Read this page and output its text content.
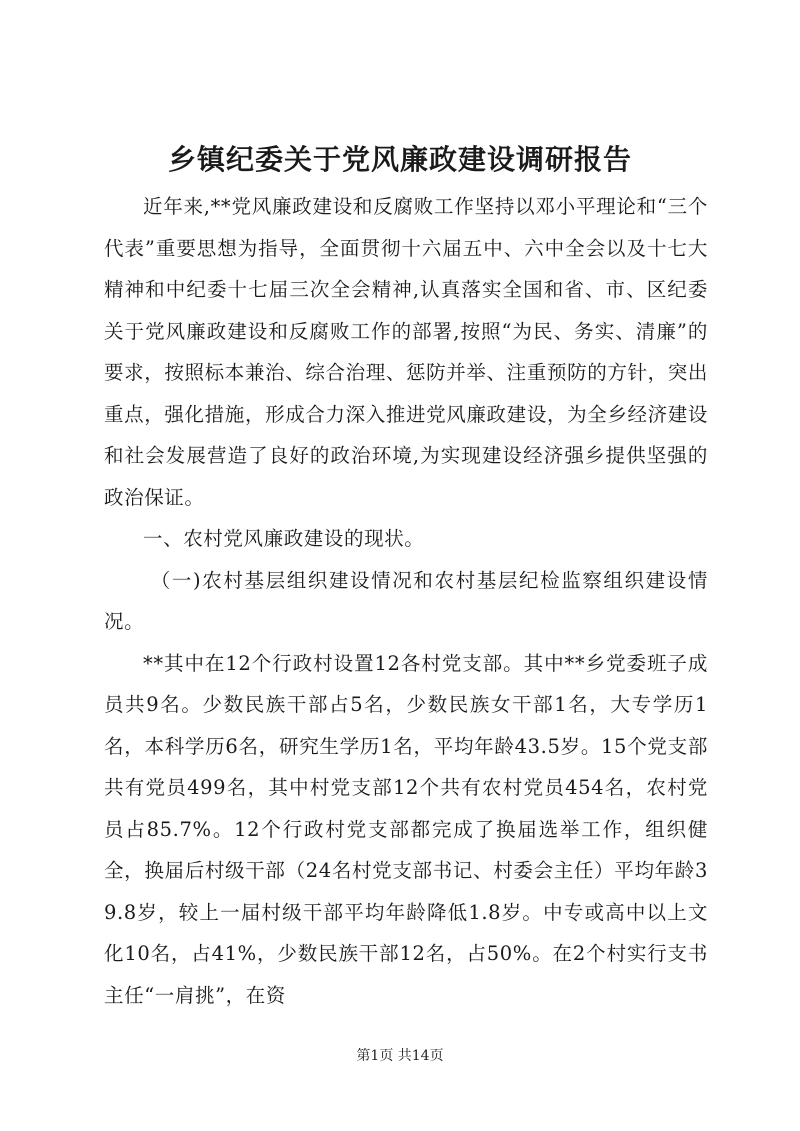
乡镇纪委关于党风廉政建设调研报告

近年来,**党风廉政建设和反腐败工作坚持以邓小平理论和“三个代表”重要思想为指导，全面贯彻十六届五中、六中全会以及十七大精神和中纪委十七届三次全会精神,认真落实全国和省、市、区纪委关于党风廉政建设和反腐败工作的部署,按照“为民、务实、清廉”的要求，按照标本兼治、综合治理、惩防并举、注重预防的方针，突出重点，强化措施，形成合力深入推进党风廉政建设，为全乡经济建设和社会发展营造了良好的政治环境,为实现建设经济强乡提供坚强的政治保证。

一、农村党风廉政建设的现状。

（一)农村基层组织建设情况和农村基层纪检监察组织建设情况。

**其中在12个行政村设置12各村党支部。其中**乡党委班子成员共9名。少数民族干部占5名，少数民族女干部1名，大专学历1名，本科学历6名，研究生学历1名，平均年龄43.5岁。15个党支部共有党员499名，其中村党支部12个共有农村党员454名，农村党员占85.7%。12个行政村党支部都完成了换届选举工作，组织健全，换届后村级干部（24名村党支部书记、村委会主任）平均年龄39.8岁，较上一届村级干部平均年龄降低1.8岁。中专或高中以上文化10名，占41%，少数民族干部12名，占50%。在2个村实行支书主任“一肩挑”，在资

第1页 共14页
